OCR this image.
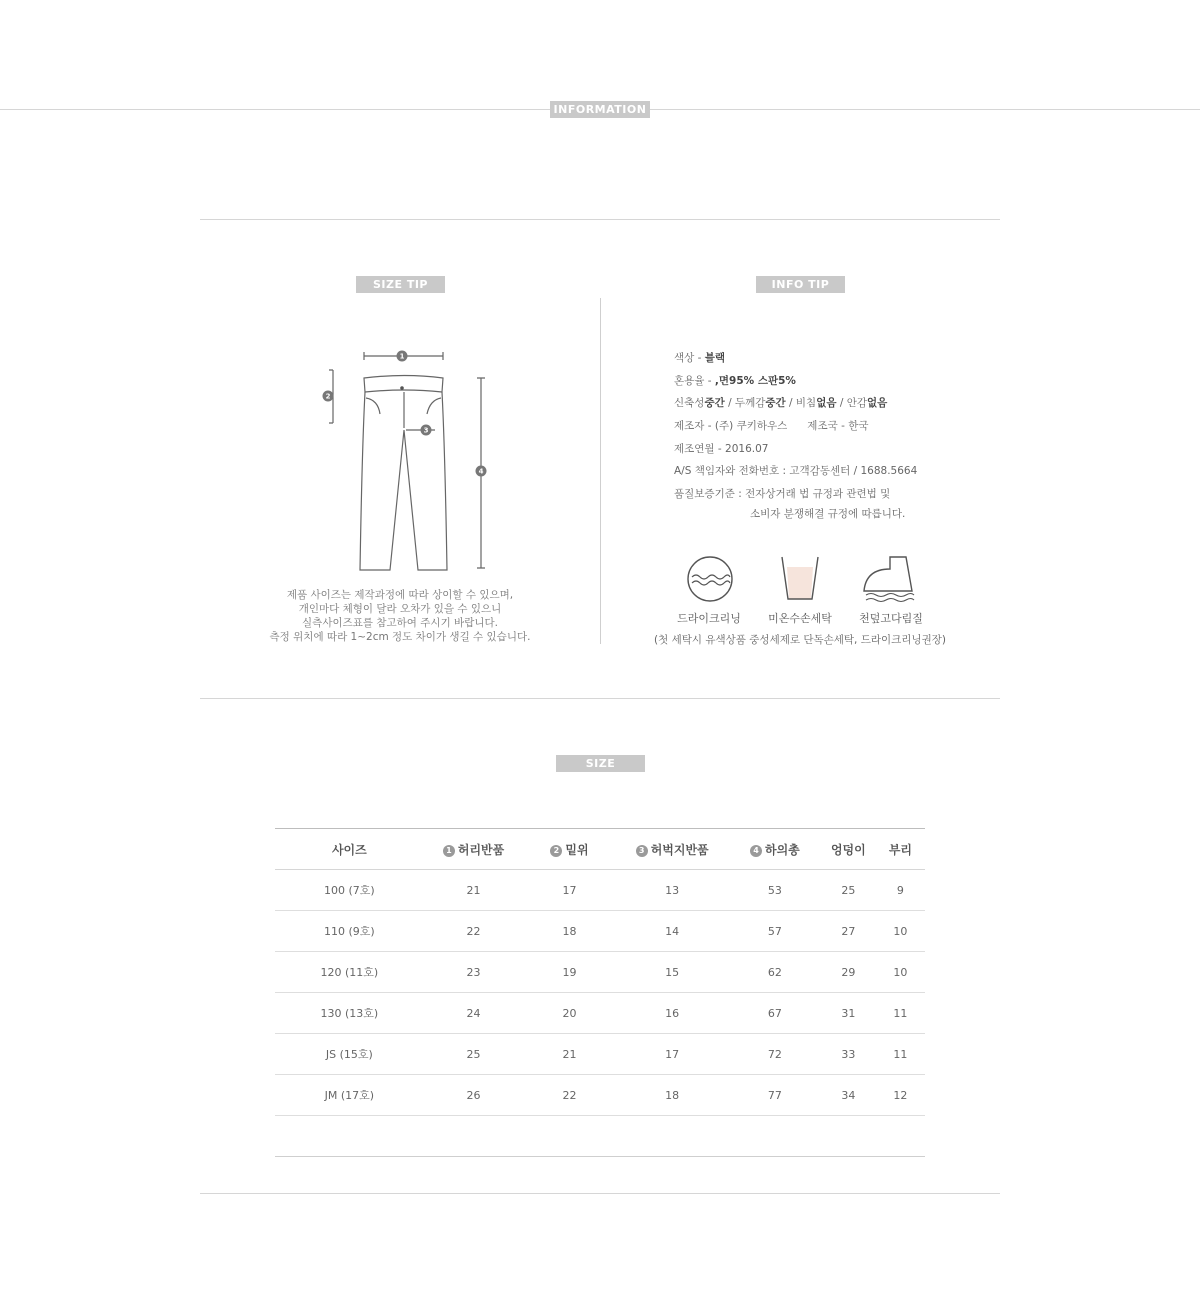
INFORMATION
SIZE TIP
1
2
3
4
제품 사이즈는 제작과정에 따라 상이할 수 있으며,
개인마다 체형이 달라 오차가 있을 수 있으니
실측사이즈표를 참고하여 주시기 바랍니다.
측정 위치에 따라 1~2cm 정도 차이가 생길 수 있습니다.
INFO TIP
색상 - 블랙
혼용율 - ,면95% 스판5%
신축성중간 / 두께감중간 / 비침없음 / 안감없음
제조자 - (주) 쿠키하우스 제조국 - 한국
제조연월 - 2016.07
A/S 책임자와 전화번호 : 고객감동센터 / 1688.5664
품질보증기준 : 전자상거래 법 규정과 관련법 및
소비자 분쟁해결 규정에 따릅니다.
드라이크리닝	미온수손세탁	천덮고다림질
(첫 세탁시 유색상품 중성세제로 단독손세탁, 드라이크리닝권장)
SIZE
사이즈	1 허리반품	2 밑위	3 허벅지반품	4 하의총	엉덩이	부리
100 (7호)	21	17	13	53	25	9
110 (9호)	22	18	14	57	27	10
120 (11호)	23	19	15	62	29	10
130 (13호)	24	20	16	67	31	11
JS (15호)	25	21	17	72	33	11
JM (17호)	26	22	18	77	34	12
